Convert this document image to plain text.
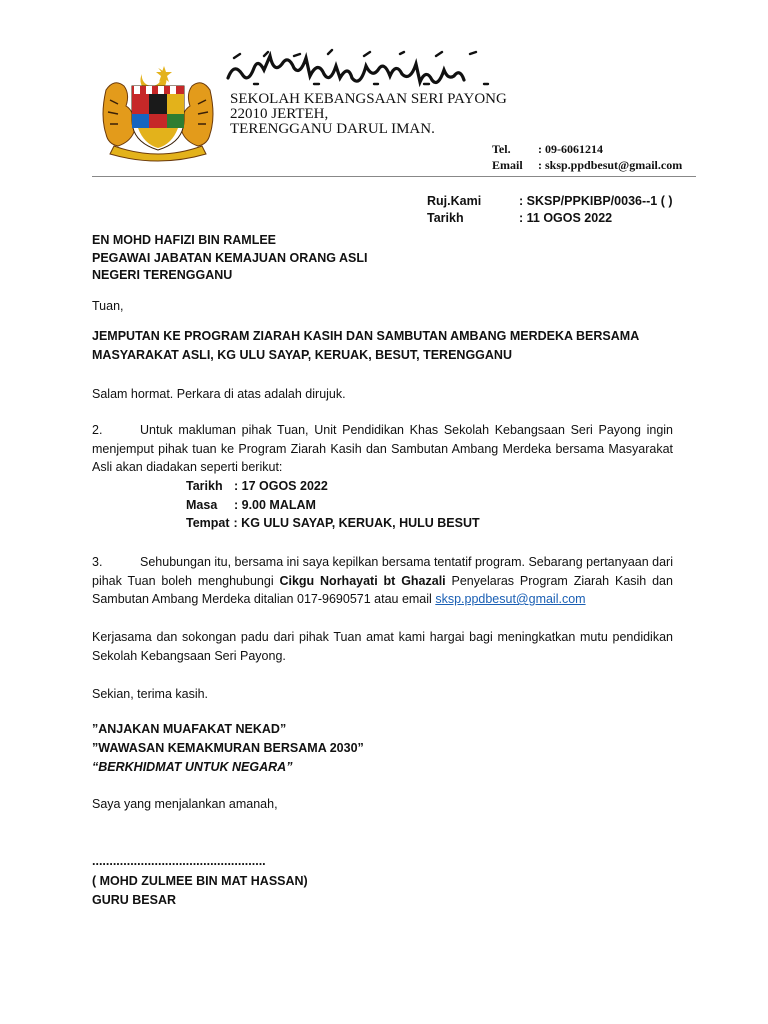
SEKOLAH KEBANGSAAN SERI PAYONG
22010 JERTEH,
TERENGGANU DARUL IMAN.
Tel.	: 09-6061214
Email	: sksp.ppdbesut@gmail.com
Ruj.Kami	: SKSP/PPKIBP/0036--1 ( )
Tarikh	: 11 OGOS 2022
EN MOHD HAFIZI BIN RAMLEE
PEGAWAI JABATAN KEMAJUAN ORANG ASLI
NEGERI TERENGGANU
Tuan,
JEMPUTAN KE PROGRAM ZIARAH KASIH DAN SAMBUTAN AMBANG MERDEKA BERSAMA
MASYARAKAT ASLI, KG ULU SAYAP, KERUAK, BESUT, TERENGGANU
Salam hormat. Perkara di atas adalah dirujuk.
2.	Untuk makluman pihak Tuan, Unit Pendidikan Khas Sekolah Kebangsaan Seri Payong ingin menjemput pihak tuan ke Program Ziarah Kasih dan Sambutan Ambang Merdeka bersama Masyarakat Asli akan diadakan seperti berikut:
Tarikh : 17 OGOS 2022
Masa	: 9.00 MALAM
Tempat : KG ULU SAYAP, KERUAK, HULU BESUT
3.	Sehubungan itu, bersama ini saya kepilkan bersama tentatif program. Sebarang pertanyaan dari pihak Tuan boleh menghubungi Cikgu Norhayati bt Ghazali Penyelaras Program Ziarah Kasih dan Sambutan Ambang Merdeka ditalian 017-9690571 atau email sksp.ppdbesut@gmail.com
Kerjasama dan sokongan padu dari pihak Tuan amat kami hargai bagi meningkatkan mutu pendidikan Sekolah Kebangsaan Seri Payong.
Sekian, terima kasih.
”ANJAKAN MUAFAKAT NEKAD”
”WAWASAN KEMAKMURAN BERSAMA 2030”
“BERKHIDMAT UNTUK NEGARA”
Saya yang menjalankan amanah,
..................................................
( MOHD ZULMEE BIN MAT HASSAN)
GURU BESAR
